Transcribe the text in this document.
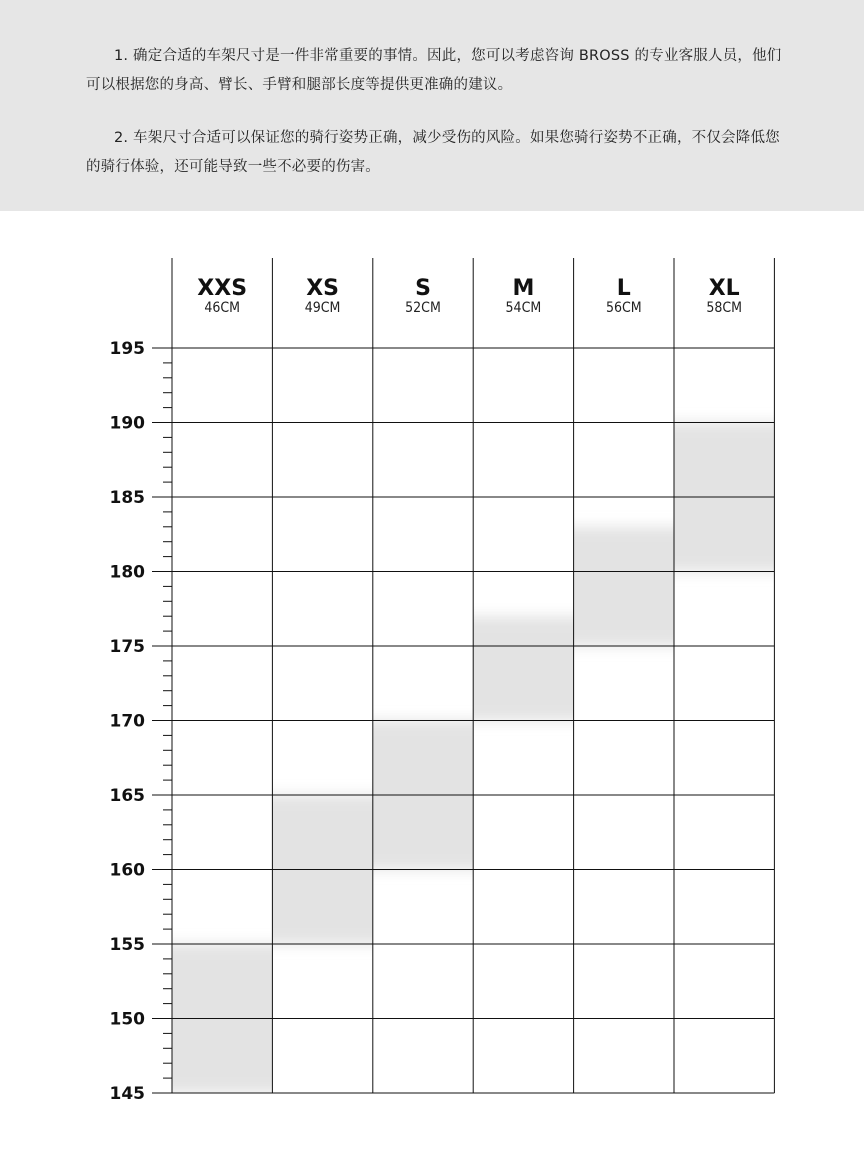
1. 确定合适的车架尺寸是一件非常重要的事情。因此，您可以考虑咨询 BROSS 的专业客服人员，他们可以根据您的身高、臂长、手臂和腿部长度等提供更准确的建议。

2. 车架尺寸合适可以保证您的骑行姿势正确，减少受伤的风险。如果您骑行姿势不正确，不仅会降低您的骑行体验，还可能导致一些不必要的伤害。

145
150
155
160
165
170
175
180
185
190
195
XXS
46CM
XS
49CM
S
52CM
M
54CM
L
56CM
XL
58CM
